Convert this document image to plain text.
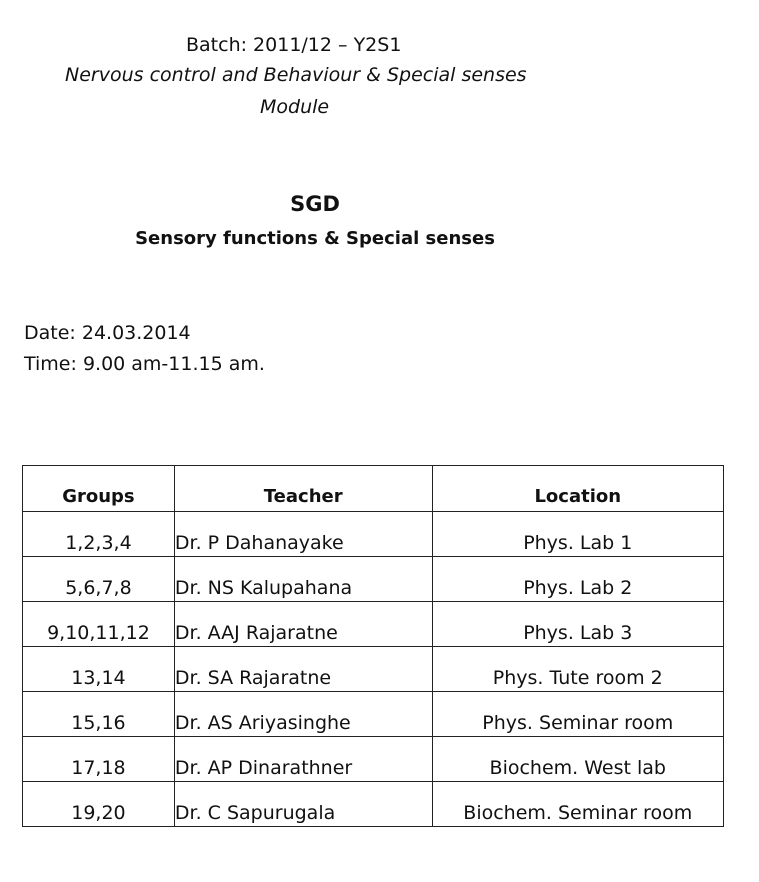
Batch: 2011/12 – Y2S1
Nervous control and Behaviour & Special senses
Module
SGD
Sensory functions & Special senses
Date: 24.03.2014
Time: 9.00 am-11.15 am.
Groups	Teacher	Location
1,2,3,4	Dr. P Dahanayake	Phys. Lab 1
5,6,7,8	Dr. NS Kalupahana	Phys. Lab 2
9,10,11,12	Dr. AAJ Rajaratne	Phys. Lab 3
13,14	Dr. SA Rajaratne	Phys. Tute room 2
15,16	Dr. AS Ariyasinghe	Phys. Seminar room
17,18	Dr. AP Dinarathner	Biochem. West lab
19,20	Dr. C Sapurugala	Biochem. Seminar room
